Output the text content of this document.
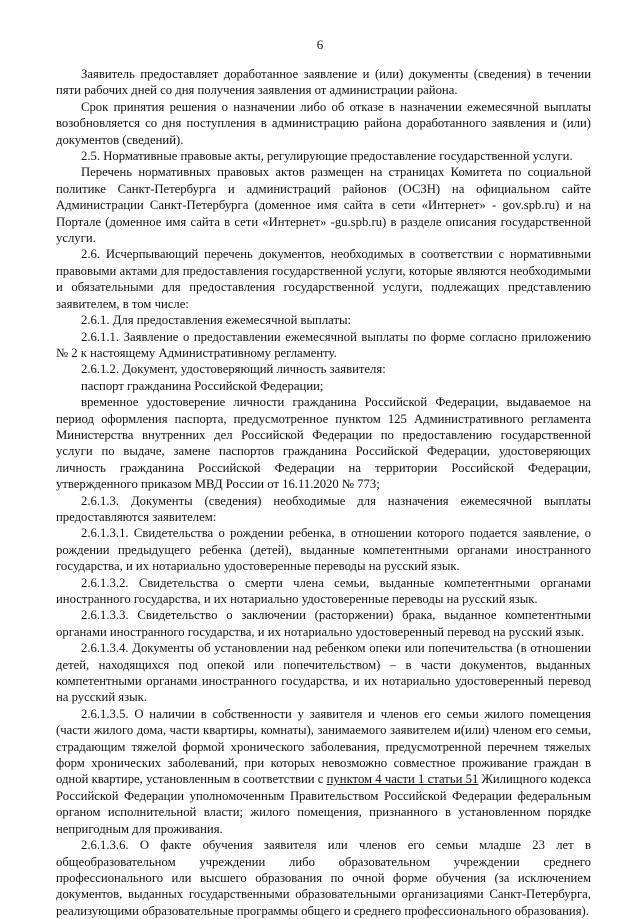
6

Заявитель предоставляет доработанное заявление и (или) документы (сведения) в течении пяти рабочих дней со дня получения заявления от администрации района.

Срок принятия решения о назначении либо об отказе в назначении ежемесячной выплаты возобновляется со дня поступления в администрацию района доработанного заявления и (или) документов (сведений).

2.5. Нормативные правовые акты, регулирующие предоставление государственной услуги.

Перечень нормативных правовых актов размещен на страницах Комитета по социальной политике Санкт-Петербурга и администраций районов (ОСЗН) на официальном сайте Администрации Санкт-Петербурга (доменное имя сайта в сети «Интернет» - gov.spb.ru) и на Портале (доменное имя сайта в сети «Интернет» -gu.spb.ru) в разделе описания государственной услуги.

2.6. Исчерпывающий перечень документов, необходимых в соответствии с нормативными правовыми актами для предоставления государственной услуги, которые являются необходимыми и обязательными для предоставления государственной услуги, подлежащих представлению заявителем, в том числе:

2.6.1. Для предоставления ежемесячной выплаты:

2.6.1.1. Заявление о предоставлении ежемесячной выплаты по форме согласно приложению № 2 к настоящему Административному регламенту.

2.6.1.2. Документ, удостоверяющий личность заявителя:

паспорт гражданина Российской Федерации;

временное удостоверение личности гражданина Российской Федерации, выдаваемое на период оформления паспорта, предусмотренное пунктом 125 Административного регламента Министерства внутренних дел Российской Федерации по предоставлению государственной услуги по выдаче, замене паспортов гражданина Российской Федерации, удостоверяющих личность гражданина Российской Федерации на территории Российской Федерации, утвержденного приказом МВД России от 16.11.2020 № 773;

2.6.1.3. Документы (сведения) необходимые для назначения ежемесячной выплаты предоставляются заявителем:

2.6.1.3.1. Свидетельства о рождении ребенка, в отношении которого подается заявление, о рождении предыдущего ребенка (детей), выданные компетентными органами иностранного государства, и их нотариально удостоверенные переводы на русский язык.

2.6.1.3.2. Свидетельства о смерти члена семьи, выданные компетентными органами иностранного государства, и их нотариально удостоверенные переводы на русский язык.

2.6.1.3.3. Свидетельство о заключении (расторжении) брака, выданное компетентными органами иностранного государства, и их нотариально удостоверенный перевод на русский язык.

2.6.1.3.4. Документы об установлении над ребенком опеки или попечительства (в отношении детей, находящихся под опекой или попечительством) – в части документов, выданных компетентными органами иностранного государства, и их нотариально удостоверенный перевод на русский язык.

2.6.1.3.5. О наличии в собственности у заявителя и членов его семьи жилого помещения (части жилого дома, части квартиры, комнаты), занимаемого заявителем и(или) членом его семьи, страдающим тяжелой формой хронического заболевания, предусмотренной перечнем тяжелых форм хронических заболеваний, при которых невозможно совместное проживание граждан в одной квартире, установленным в соответствии с пунктом 4 части 1 статьи 51 Жилищного кодекса Российской Федерации уполномоченным Правительством Российской Федерации федеральным органом исполнительной власти; жилого помещения, признанного в установленном порядке непригодным для проживания.

2.6.1.3.6. О факте обучения заявителя или членов его семьи младше 23 лет в общеобразовательном учреждении либо образовательном учреждении среднего профессионального или высшего образования по очной форме обучения (за исключением документов, выданных государственными образовательными организациями Санкт-Петербурга, реализующими образовательные программы общего и среднего профессионального образования).
